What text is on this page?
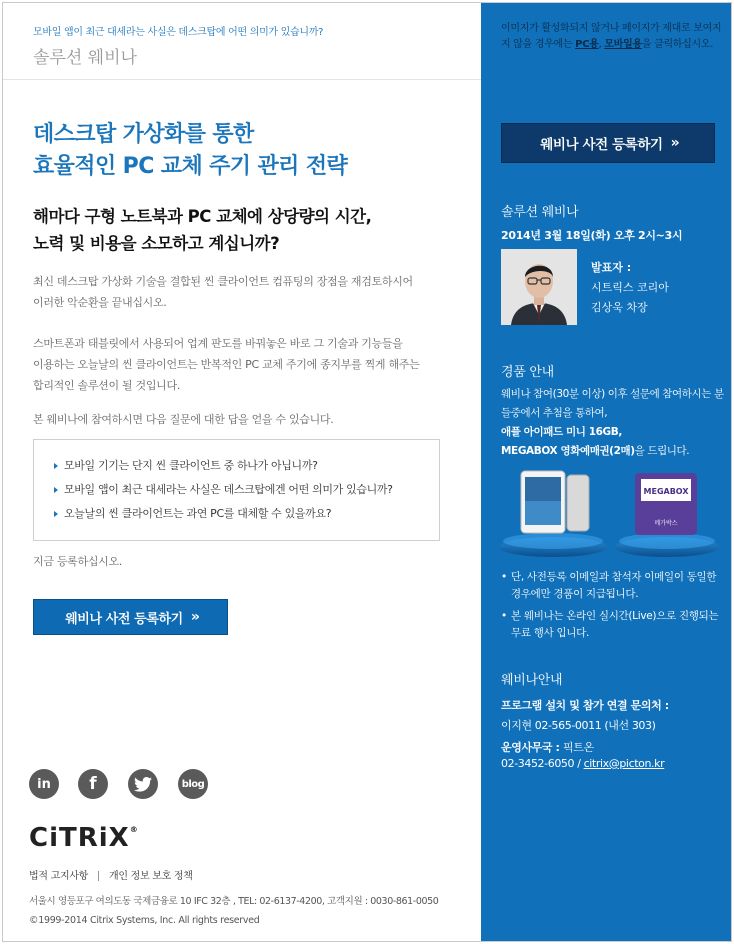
모바일 앱이 최근 대세라는 사실은 데스크탑에 어떤 의미가 있습니까?
솔루션 웨비나
데스크탑 가상화를 통한
효율적인 PC 교체 주기 관리 전략
해마다 구형 노트북과 PC 교체에 상당량의 시간,
노력 및 비용을 소모하고 계십니까?
최신 데스크탑 가상화 기술을 결합된 씬 클라이언트 컴퓨팅의 장점을 재검토하시어
이러한 악순환을 끝내십시오.
스마트폰과 태블릿에서 사용되어 업계 판도를 바꿔놓은 바로 그 기술과 기능들을
이용하는 오늘날의 씬 클라이언트는 반복적인 PC 교체 주기에 종지부를 찍게 해주는
합리적인 솔루션이 될 것입니다.
본 웨비나에 참여하시면 다음 질문에 대한 답을 얻을 수 있습니다.
모바일 기기는 단지 씬 클라이언트 중 하나가 아닙니까?
모바일 앱이 최근 대세라는 사실은 데스크탑에겐 어떤 의미가 있습니까?
오늘날의 씬 클라이언트는 과연 PC를 대체할 수 있을까요?
지금 등록하십시오.
웨비나 사전 등록하기 »
in	f	blog
CiTRiX®
법적 고지사항 개인 정보 보호 정책
서울시 영등포구 여의도동 국제금융로 10 IFC 32층 , TEL: 02-6137-4200, 고객지원 : 0030-861-0050
©1999-2014 Citrix Systems, Inc. All rights reserved
이미지가 활성화되지 않거나 페이지가 제대로 보여지지 않을 경우에는 PC용, 모바일용을 클릭하십시오.
웨비나 사전 등록하기 »
솔루션 웨비나
2014년 3월 18일(화) 오후 2시~3시
발표자 :
시트릭스 코리아
김상욱 차장
경품 안내
웨비나 참여(30분 이상) 이후 설문에 참여하시는 분들중에서 추첨을 통하여,
애플 아이패드 미니 16GB,
MEGABOX 영화예매권(2매)을 드립니다.
MEGABOX
메가박스
• 단, 사전등록 이메일과 참석자 이메일이 동일한 경우에만 경품이 지급됩니다.
• 본 웨비나는 온라인 실시간(Live)으로 진행되는 무료 행사 입니다.
웨비나안내
프로그램 설치 및 참가 연결 문의처 :
이지현 02-565-0011 (내선 303)
운영사무국 : 픽트온
02-3452-6050 / citrix@picton.kr
